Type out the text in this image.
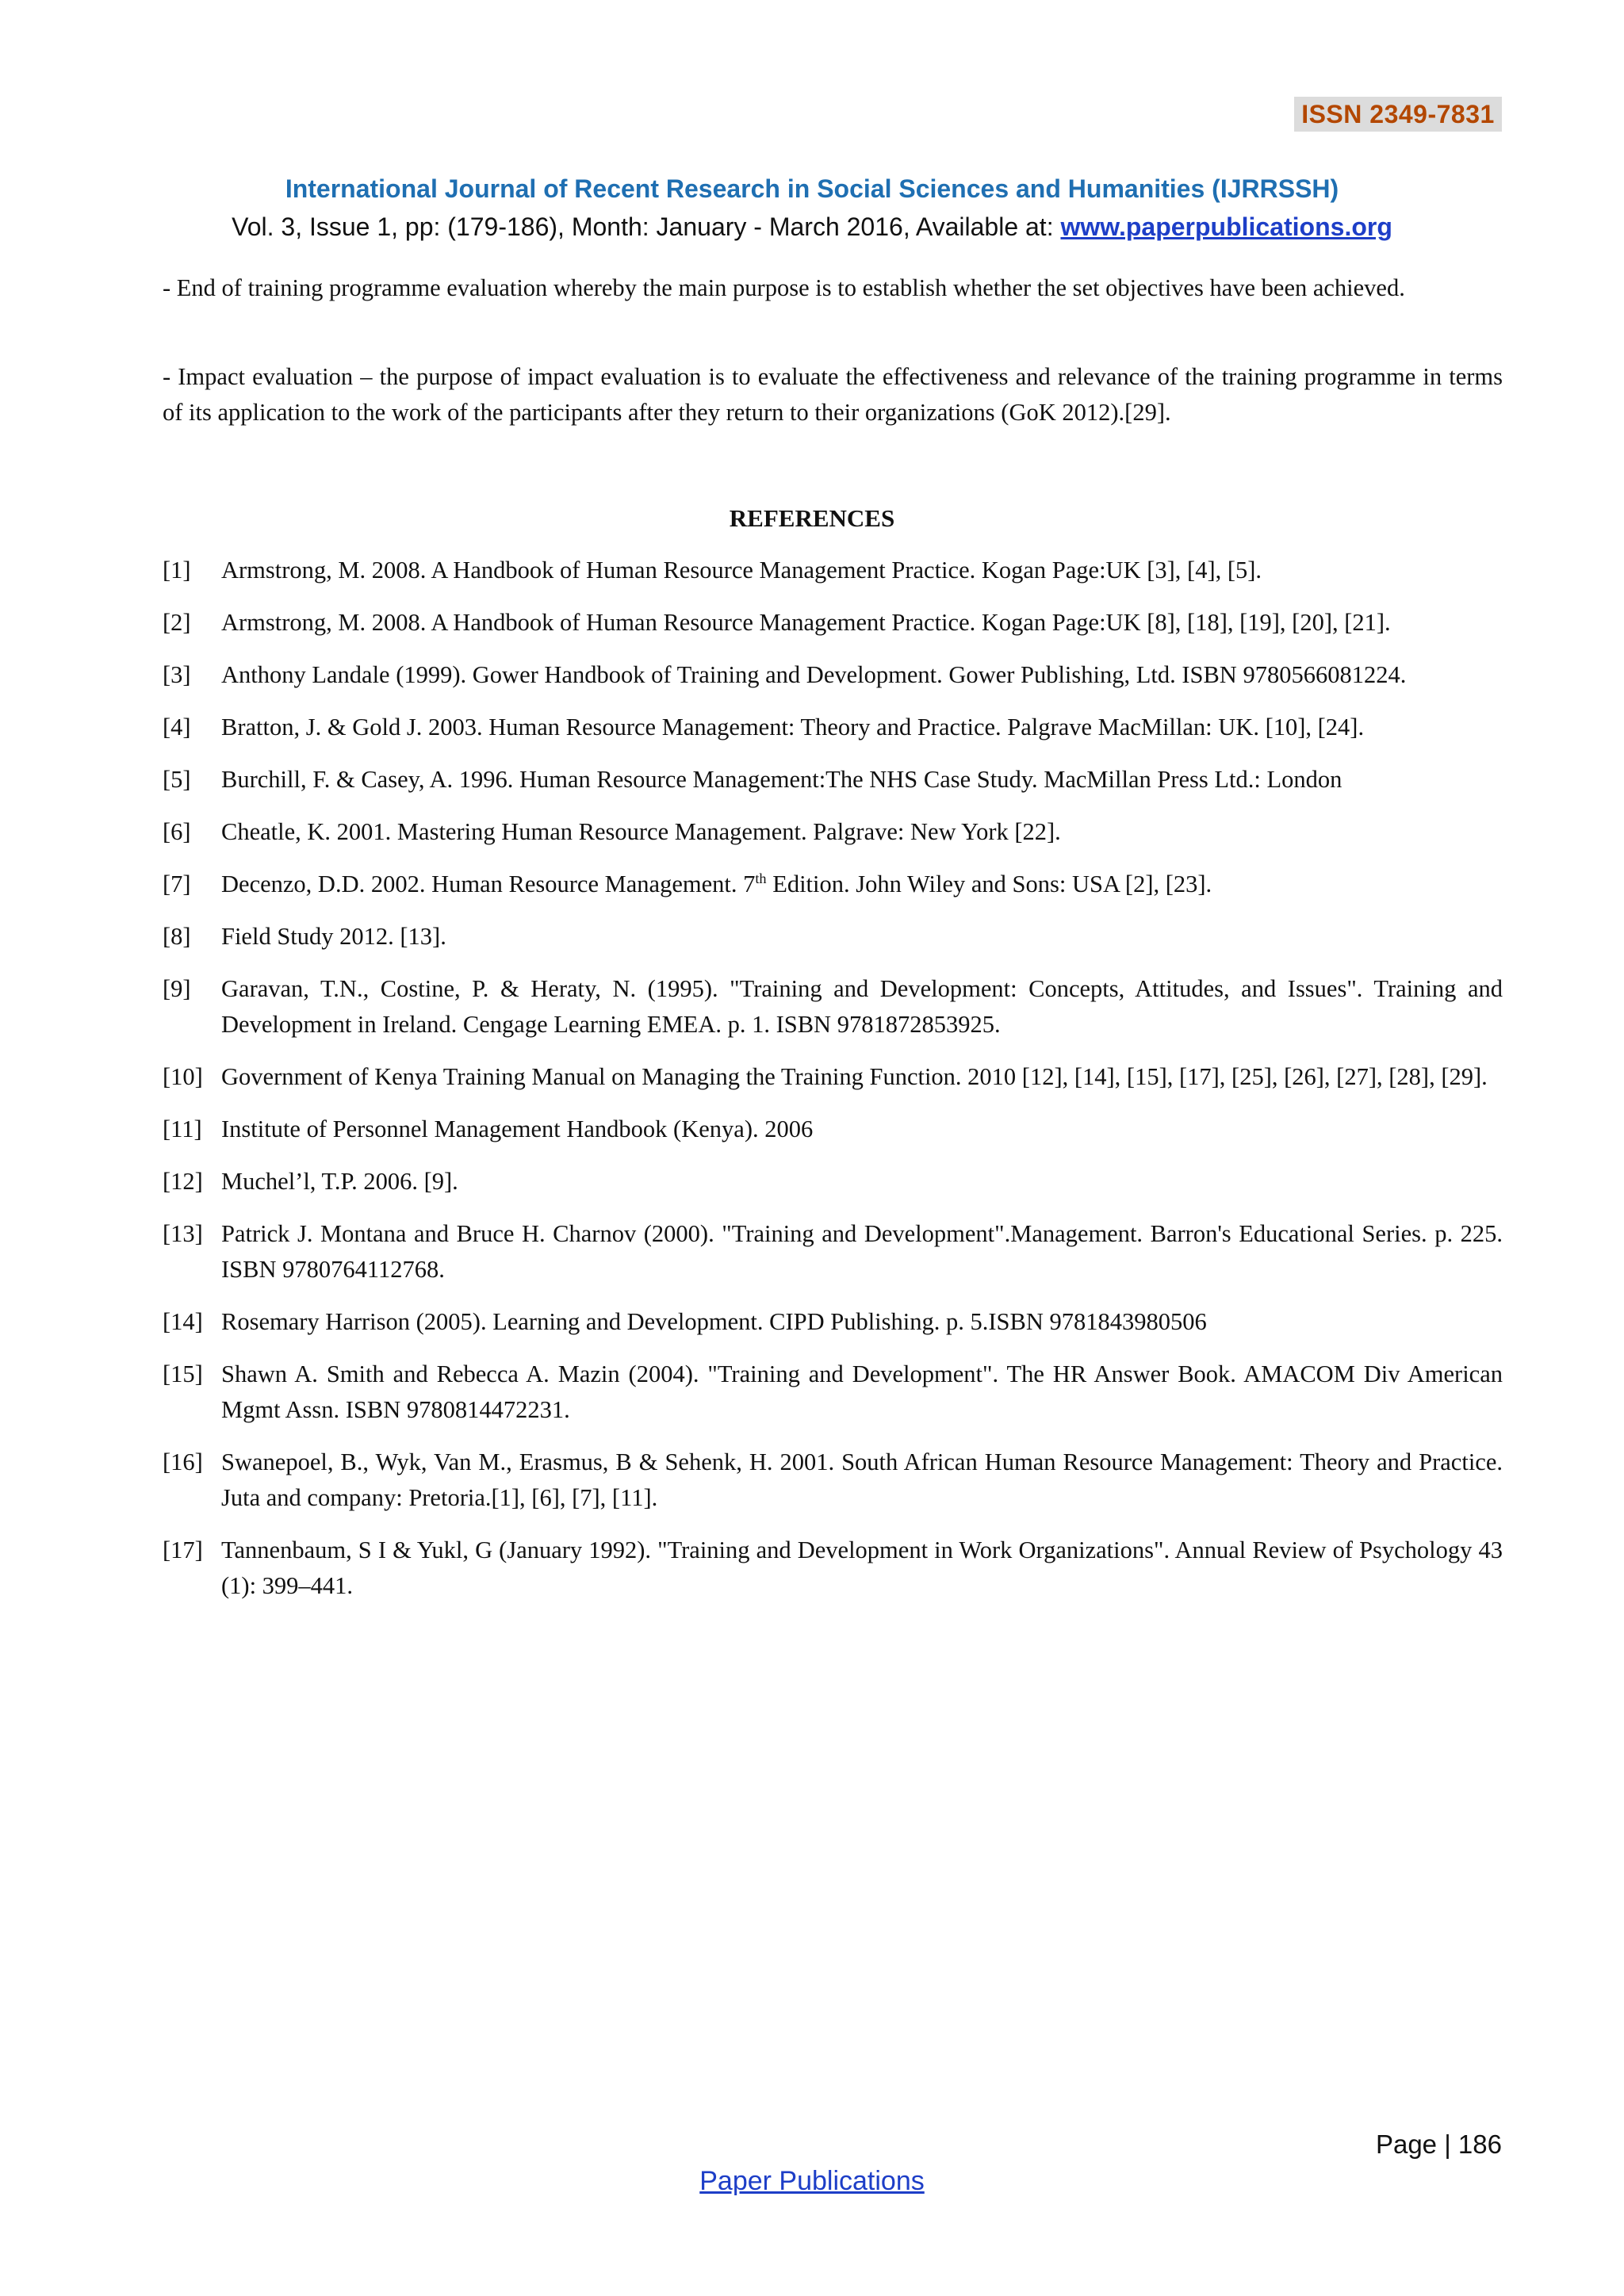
ISSN 2349-7831
International Journal of Recent Research in Social Sciences and Humanities (IJRRSSH)
Vol. 3, Issue 1, pp: (179-186), Month: January - March 2016, Available at: www.paperpublications.org
- End of training programme evaluation whereby the main purpose is to establish whether the set objectives have been achieved.
- Impact evaluation – the purpose of impact evaluation is to evaluate the effectiveness and relevance of the training programme in terms of its application to the work of the participants after they return to their organizations (GoK 2012).[29].
REFERENCES
[1]	Armstrong, M. 2008. A Handbook of Human Resource Management Practice. Kogan Page:UK [3], [4], [5].
[2]	Armstrong, M. 2008. A Handbook of Human Resource Management Practice. Kogan Page:UK [8], [18], [19], [20], [21].
[3]	Anthony Landale (1999). Gower Handbook of Training and Development. Gower Publishing, Ltd. ISBN 9780566081224.
[4]	Bratton, J. & Gold J. 2003. Human Resource Management: Theory and Practice. Palgrave MacMillan: UK. [10], [24].
[5]	Burchill, F. & Casey, A. 1996. Human Resource Management:The NHS Case Study. MacMillan Press Ltd.: London
[6]	Cheatle, K. 2001. Mastering Human Resource Management. Palgrave: New York [22].
[7]	Decenzo, D.D. 2002. Human Resource Management. 7th Edition. John Wiley and Sons: USA [2], [23].
[8]	Field Study 2012. [13].
[9]	Garavan, T.N., Costine, P. & Heraty, N. (1995). "Training and Development: Concepts, Attitudes, and Issues". Training and Development in Ireland. Cengage Learning EMEA. p. 1. ISBN 9781872853925.
[10] Government of Kenya Training Manual on Managing the Training Function. 2010 [12], [14], [15], [17], [25], [26], [27], [28], [29].
[11] Institute of Personnel Management Handbook (Kenya). 2006
[12] Muchel’l, T.P. 2006. [9].
[13] Patrick J. Montana and Bruce H. Charnov (2000). "Training and Development".Management. Barron's Educational Series. p. 225. ISBN 9780764112768.
[14] Rosemary Harrison (2005). Learning and Development. CIPD Publishing. p. 5.ISBN 9781843980506
[15] Shawn A. Smith and Rebecca A. Mazin (2004). "Training and Development". The HR Answer Book. AMACOM Div American Mgmt Assn. ISBN 9780814472231.
[16] Swanepoel, B., Wyk, Van M., Erasmus, B & Sehenk, H. 2001. South African Human Resource Management: Theory and Practice. Juta and company: Pretoria.[1], [6], [7], [11].
[17] Tannenbaum, S I & Yukl, G (January 1992). "Training and Development in Work Organizations". Annual Review of Psychology 43 (1): 399–441.
Page | 186
Paper Publications
